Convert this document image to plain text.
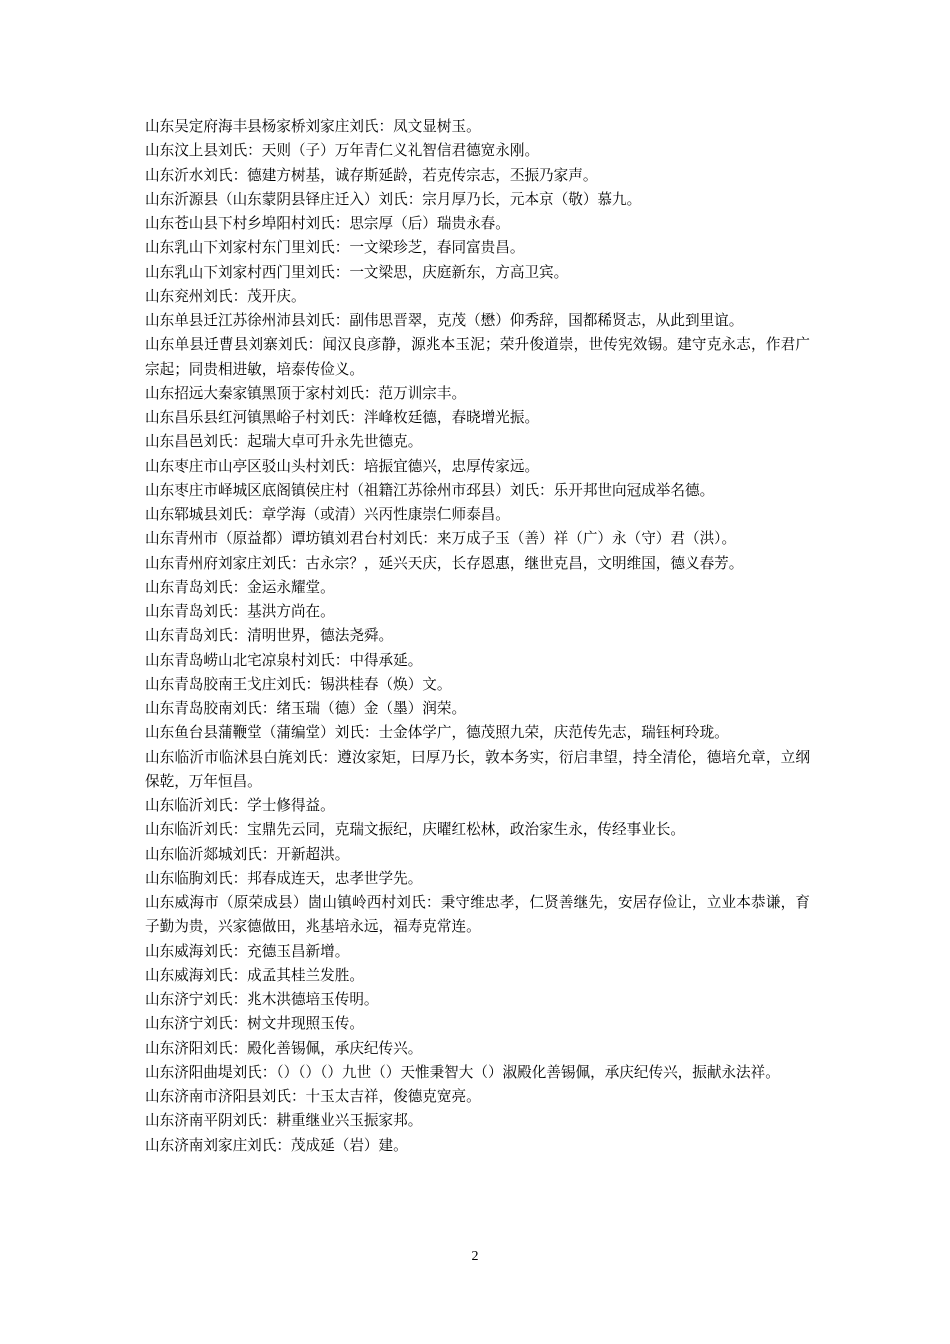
山东吴定府海丰县杨家桥刘家庄刘氏：凤文显树玉。

山东汶上县刘氏：天则（子）万年青仁义礼智信君德宽永刚。

山东沂水刘氏：德建方树基，诚存斯延龄，若克传宗志，丕振乃家声。

山东沂源县（山东蒙阴县铎庄迁入）刘氏：宗月厚乃长，元本京（敬）慕九。

山东苍山县下村乡埠阳村刘氏：思宗厚（后）瑞贵永春。

山东乳山下刘家村东门里刘氏：一文梁珍芝，春同富贵昌。

山东乳山下刘家村西门里刘氏：一文梁思，庆庭新东，方高卫宾。

山东兖州刘氏：茂开庆。

山东单县迁江苏徐州沛县刘氏：副伟思晋翠，克茂（懋）仰秀辞，国都稀贤志，从此到里谊。

山东单县迁曹县刘寨刘氏：闻汉良彦静，源兆本玉泥；荣升俊道崇，世传宪效锡。建守克永志，作君广宗起；同贵相进敏，培泰传俭义。

山东招远大秦家镇黑顶于家村刘氏：范万训宗丰。

山东昌乐县红河镇黑峪子村刘氏：泮峰枚廷德，春晓增光振。

山东昌邑刘氏：起瑞大卓可升永先世德克。

山东枣庄市山亭区驳山头村刘氏：培振宜德兴，忠厚传家远。

山东枣庄市峄城区底阁镇侯庄村（祖籍江苏徐州市邳县）刘氏：乐开邦世向冠成举名德。

山东郓城县刘氏：章学海（或清）兴丙性康崇仁师泰昌。

山东青州市（原益都）谭坊镇刘君台村刘氏：来万成子玉（善）祥（广）永（守）君（洪）。

山东青州府刘家庄刘氏：古永宗？，延兴天庆，长存恩惠，继世克昌，文明维国，德义春芳。

山东青岛刘氏：金运永耀堂。

山东青岛刘氏：基洪方尚在。

山东青岛刘氏：清明世界，德法尧舜。

山东青岛崂山北宅凉泉村刘氏：中得承延。

山东青岛胶南王戈庄刘氏：锡洪桂春（焕）文。

山东青岛胶南刘氏：绪玉瑞（德）金（墨）润荣。

山东鱼台县蒲鞭堂（蒲编堂）刘氏：士金体学广，德茂照九荣，庆范传先志，瑞钰柯玲珑。

山东临沂市临沭县白旄刘氏：遵汝家矩，曰厚乃长，敦本务实，衍启聿望，持全清伦，德培允章，立纲保乾，万年恒昌。

山东临沂刘氏：学士修得益。

山东临沂刘氏：宝鼎先云同，克瑞文振纪，庆曜红松林，政治家生永，传经事业长。

山东临沂郯城刘氏：开新超洪。

山东临朐刘氏：邦春成连天，忠孝世学先。

山东威海市（原荣成县）崮山镇岭西村刘氏：秉守维忠孝，仁贤善继先，安居存俭让，立业本恭谦，育子勤为贵，兴家德做田，兆基培永远，福寿克常连。

山东威海刘氏：充德玉昌新增。

山东威海刘氏：成孟其桂兰发胜。

山东济宁刘氏：兆木洪德培玉传明。

山东济宁刘氏：树文井现照玉传。

山东济阳刘氏：殿化善锡佩，承庆纪传兴。

山东济阳曲堤刘氏：（）（）（）九世（）天惟秉智大（）淑殿化善锡佩，承庆纪传兴，振献永法祥。

山东济南市济阳县刘氏：十玉太吉祥，俊德克宽亮。

山东济南平阴刘氏：耕重继业兴玉振家邦。

山东济南刘家庄刘氏：茂成延（岩）建。

2
